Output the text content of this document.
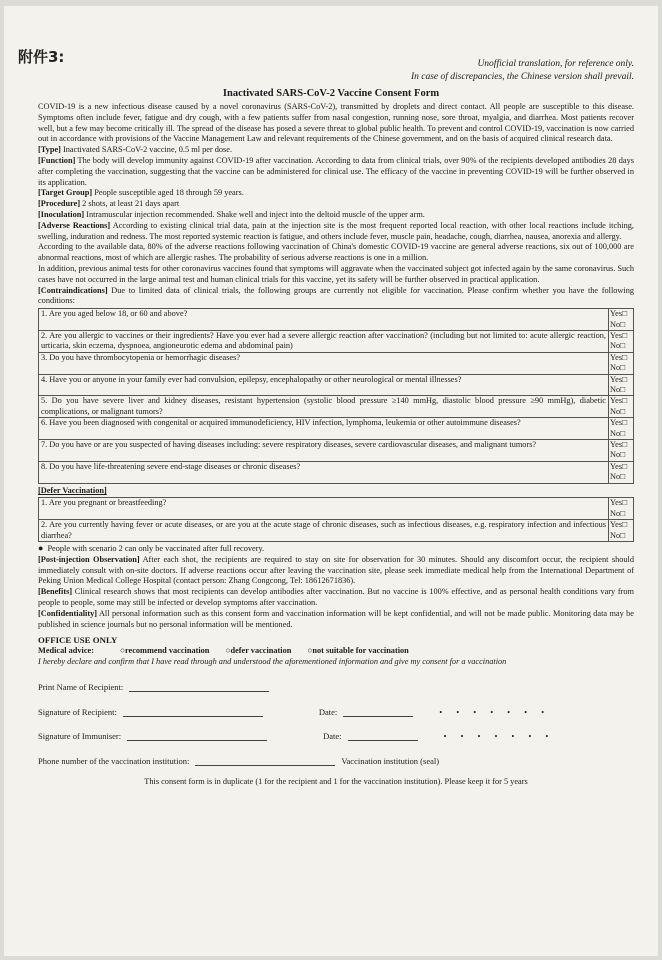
附件3:	Unofficial translation, for reference only.
In case of discrepancies, the Chinese version shall prevail.
Inactivated SARS-CoV-2 Vaccine Consent Form

COVID-19 is a new infectious disease caused by a novel coronavirus (SARS-CoV-2), transmitted by droplets and direct contact. All people are susceptible to this disease. Symptoms often include fever, fatigue and dry cough, with a few patients suffer from nasal congestion, running nose, sore throat, myalgia, and diarrhea. Most patients recover well, but a few may become critically ill. The spread of the disease has posed a severe threat to global public health. To prevent and control COVID-19, vaccination is now carried out in accordance with provisions of the Vaccine Management Law and relevant requirements of the Chinese government, and on the basis of acquired clinical research data.

[Type] Inactivated SARS-CoV-2 vaccine, 0.5 ml per dose.

[Function] The body will develop immunity against COVID-19 after vaccination. According to data from clinical trials, over 90% of the recipients developed antibodies 28 days after completing the vaccination, suggesting that the vaccine can be administered for clinical use. The efficacy of the vaccine in preventing COVID-19 will be further observed in its application.

[Target Group] People susceptible aged 18 through 59 years.

[Procedure] 2 shots, at least 21 days apart

[Inoculation] Intramuscular injection recommended. Shake well and inject into the deltoid muscle of the upper arm.

[Adverse Reactions] According to existing clinical trial data, pain at the injection site is the most frequent reported local reaction, with other local reactions include itching, swelling, induration and redness. The most reported systemic reaction is fatigue, and others include fever, muscle pain, headache, cough, diarrhea, nausea, anorexia and allergy.

According to the available data, 80% of the adverse reactions following vaccination of China's domestic COVID-19 vaccine are general adverse reactions, six out of 100,000 are abnormal reactions, most of which are allergic rashes. The probability of serious adverse reactions is one in a million.

In addition, previous animal tests for other coronavirus vaccines found that symptoms will aggravate when the vaccinated subject got infected again by the same coronavirus. Such cases have not occurred in the large animal test and human clinical trials for this vaccine, yet its safety will be further observed in practical application.

[Contraindications] Due to limited data of clinical trials, the following groups are currently not eligible for vaccination. Please confirm whether you have the following conditions:

1. Are you aged below 18, or 60 and above?	Yes□
No□

2. Are you allergic to vaccines or their ingredients? Have you ever had a severe allergic reaction after vaccination? (including but not limited to: acute allergic reaction, urticaria, skin eczema, dyspnoea, angioneurotic edema and abdominal pain)	Yes□
No□

3. Do you have thrombocytopenia or hemorrhagic diseases?	Yes□
No□

4. Have you or anyone in your family ever had convulsion, epilepsy, encephalopathy or other neurological or mental illnesses?	Yes□
No□

5. Do you have severe liver and kidney diseases, resistant hypertension (systolic blood pressure ≥140 mmHg, diastolic blood pressure ≥90 mmHg), diabetic complications, or malignant tumors?	Yes□
No□

6. Have you been diagnosed with congenital or acquired immunodeficiency, HIV infection, lymphoma, leukemia or other autoimmune diseases?	Yes□
No□

7. Do you have or are you suspected of having diseases including: severe respiratory diseases, severe cardiovascular diseases, and malignant tumors?	Yes□
No□

8. Do you have life-threatening severe end-stage diseases or chronic diseases?	Yes□
No□
[Defer Vaccination]
1. Are you pregnant or breastfeeding?	Yes□
No□

2. Are you currently having fever or acute diseases, or are you at the acute stage of chronic diseases, such as infectious diseases, e.g. respiratory infection and infectious diarrhea?	Yes□
No□

● People with scenario 2 can only be vaccinated after full recovery.

[Post-injection Observation] After each shot, the recipients are required to stay on site for observation for 30 minutes. Should any discomfort occur, the recipient should immediately consult with on-site doctors. If adverse reactions occur after leaving the vaccination site, please seek immediate medical help from the International Department of Peking Union Medical College Hospital (contact person: Zhang Congcong, Tel: 18612671836).

[Benefits] Clinical research shows that most recipients can develop antibodies after vaccination. But no vaccine is 100% effective, and as personal health conditions vary from people to people, some may still be infected or develop symptoms after vaccination.

[Confidentiality] All personal information such as this consent form and vaccination information will be kept confidential, and will not be made public. Monitoring data may be published in science journals but no personal information will be mentioned.

OFFICE USE ONLY
Medical advice:	○recommend vaccination ○defer vaccination ○not suitable for vaccination

I hereby declare and confirm that I have read through and understood the aforementioned information and give my consent for a vaccination

Print Name of Recipient:
Signature of Recipient:	Date:	•••••••
Signature of Immuniser:	Date:	•••••••
Phone number of the vaccination institution:	Vaccination institution (seal)
This consent form is in duplicate (1 for the recipient and 1 for the vaccination institution). Please keep it for 5 years
